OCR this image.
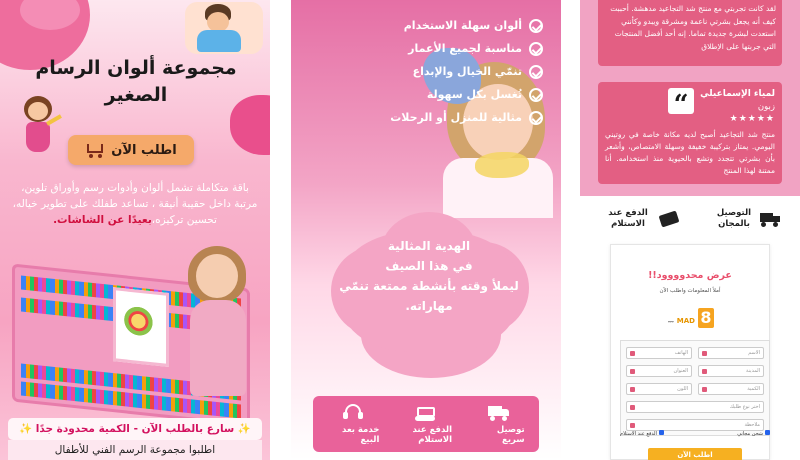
مجموعة ألوان الرسام
الصغير
اطلب الآن

باقة متكاملة تشمل ألوان وأدوات رسم وأوراق تلوين، مرتبة داخل حقيبة أنيقة ، تساعد طفلك على تطوير خياله، تحسين تركيزه،بعيدًا عن الشاشات.

✨ سارع بالطلب الآن - الكمية محدودة جدًا ✨
اطلبوا مجموعة الرسم الفني للأطفال
ألوان سهلة الاستخدام
مناسبة لجميع الأعمار
تنمّي الخيال والإبداع
تُغسل بكل سهولة
مثالية للمنزل أو الرحلات
الهدية المثالية
في هذا الصيف
ليملأ وقته بأنشطة ممتعة تنمّي
مهاراته.
توصيل سريع
الدفع عند الاستلام
خدمة بعد البيع
لقد كانت تجربتي مع منتج شد التجاعيد مدهشة. أحببت كيف أنه يجعل بشرتي ناعمة ومشرقة ويبدو وكأنني استعدت لبشرة جديدة تماما. إنه أحد أفضل المنتجات التي جربتها على الإطلاق
لمياء الإسماعيلي
زبون
★★★★★
“
منتج شد التجاعيد أصبح لديه مكانة خاصة في روتيني اليومي. يمتاز بتركيبة خفيفة وسهلة الامتصاص، وأشعر بأن بشرتي تتجدد وتشع بالحيوية منذ استخدامه. أنا ممتنة لهذا المنتج
التوصيل بالمجان
الدفع عند الاستلام
عرض محدوووود!!
أملأ المعلومات واطلب الآن
... MAD 8
الهاتف	الاسم
العنوان	المدينة
اللون	الكمية
اختر نوع طلبك
ملاحظة
شحن مجاني
الدفع عند الاستلام
اطلب الآن
